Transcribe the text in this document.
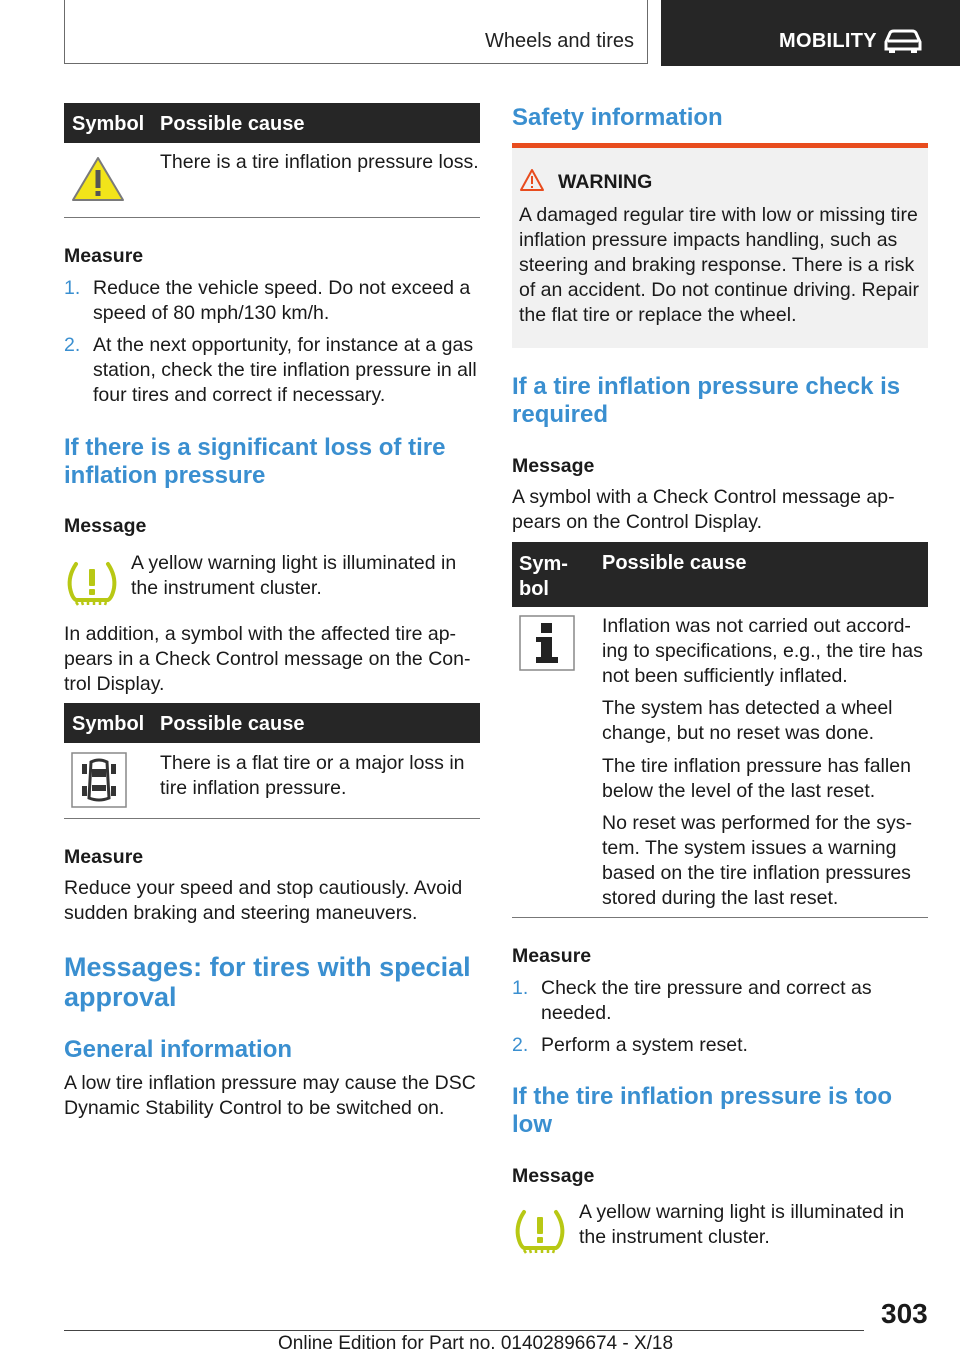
Wheels and tires	MOBILITY
Symbol Possible cause
There is a tire inflation pressure loss.
Measure
1. Reduce the vehicle speed. Do not exceed a
speed of 80 mph/130 km/h.
2. At the next opportunity, for instance at a gas
station, check the tire inflation pressure in all
four tires and correct if necessary.
If there is a significant loss of tire
inflation pressure
Message
A yellow warning light is illuminated in
the instrument cluster.
In addition, a symbol with the affected tire ap-
pears in a Check Control message on the Con-
trol Display.
Symbol Possible cause
There is a flat tire or a major loss in
tire inflation pressure.
Measure
Reduce your speed and stop cautiously. Avoid
sudden braking and steering maneuvers.
Messages: for tires with special
approval
General information
A low tire inflation pressure may cause the DSC
Dynamic Stability Control to be switched on.
Safety information
WARNING
A damaged regular tire with low or missing tire
inflation pressure impacts handling, such as
steering and braking response. There is a risk
of an accident. Do not continue driving. Repair
the flat tire or replace the wheel.
If a tire inflation pressure check is
required
Message
A symbol with a Check Control message ap-
pears on the Control Display.
Sym-
bol
Possible cause
Inflation was not carried out accord-
ing to specifications, e.g., the tire has
not been sufficiently inflated.
The system has detected a wheel
change, but no reset was done.
The tire inflation pressure has fallen
below the level of the last reset.
No reset was performed for the sys-
tem. The system issues a warning
based on the tire inflation pressures
stored during the last reset.
Measure
1. Check the tire pressure and correct as
needed.
2. Perform a system reset.
If the tire inflation pressure is too
low
Message
A yellow warning light is illuminated in
the instrument cluster.
303
Online Edition for Part no. 01402896674 - X/18
